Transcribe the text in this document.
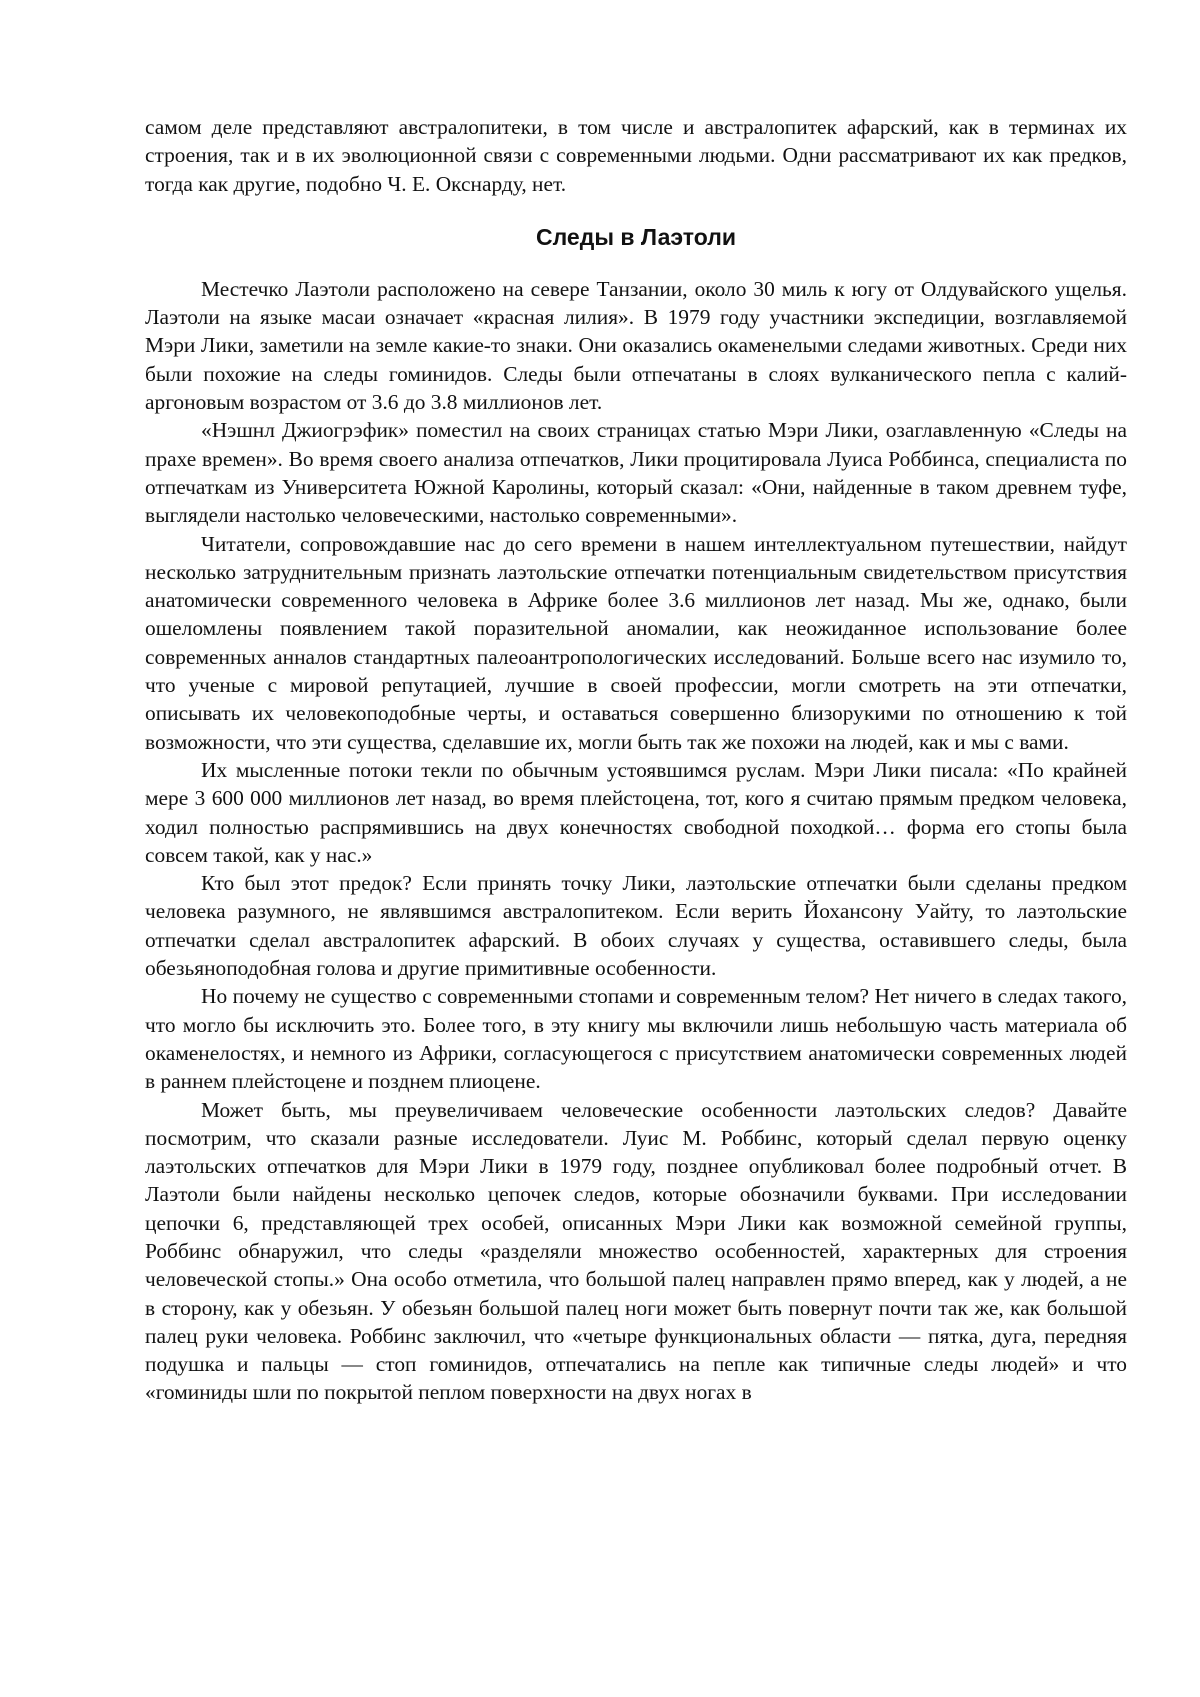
самом деле представляют австралопитеки, в том числе и австралопитек афарский, как в терминах их строения, так и в их эволюционной связи с современными людьми. Одни рассматривают их как предков, тогда как другие, подобно Ч. Е. Окснарду, нет.

Следы в Лаэтоли

Местечко Лаэтоли расположено на севере Танзании, около 30 миль к югу от Олдувайского ущелья. Лаэтоли на языке масаи означает «красная лилия». В 1979 году участники экспедиции, возглавляемой Мэри Лики, заметили на земле какие-то знаки. Они оказались окаменелыми следами животных. Среди них были похожие на следы гоминидов. Следы были отпечатаны в слоях вулканического пепла с калий-аргоновым возрастом от 3.6 до 3.8 миллионов лет.

«Нэшнл Джиогрэфик» поместил на своих страницах статью Мэри Лики, озаглавленную «Следы на прахе времен». Во время своего анализа отпечатков, Лики процитировала Луиса Роббинса, специалиста по отпечаткам из Университета Южной Каролины, который сказал: «Они, найденные в таком древнем туфе, выглядели настолько человеческими, настолько современными».

Читатели, сопровождавшие нас до сего времени в нашем интеллектуальном путешествии, найдут несколько затруднительным признать лаэтольские отпечатки потенциальным свидетельством присутствия анатомически современного человека в Африке более 3.6 миллионов лет назад. Мы же, однако, были ошеломлены появлением такой поразительной аномалии, как неожиданное использование более современных анналов стандартных палеоантропологических исследований. Больше всего нас изумило то, что ученые с мировой репутацией, лучшие в своей профессии, могли смотреть на эти отпечатки, описывать их человекоподобные черты, и оставаться совершенно близорукими по отношению к той возможности, что эти существа, сделавшие их, могли быть так же похожи на людей, как и мы с вами.

Их мысленные потоки текли по обычным устоявшимся руслам. Мэри Лики писала: «По крайней мере 3 600 000 миллионов лет назад, во время плейстоцена, тот, кого я считаю прямым предком человека, ходил полностью распрямившись на двух конечностях свободной походкой… форма его стопы была совсем такой, как у нас.»

Кто был этот предок? Если принять точку Лики, лаэтольские отпечатки были сделаны предком человека разумного, не являвшимся австралопитеком. Если верить Йохансону Уайту, то лаэтольские отпечатки сделал австралопитек афарский. В обоих случаях у существа, оставившего следы, была обезьяноподобная голова и другие примитивные особенности.

Но почему не существо с современными стопами и современным телом? Нет ничего в следах такого, что могло бы исключить это. Более того, в эту книгу мы включили лишь небольшую часть материала об окаменелостях, и немного из Африки, согласующегося с присутствием анатомически современных людей в раннем плейстоцене и позднем плиоцене.

Может быть, мы преувеличиваем человеческие особенности лаэтольских следов? Давайте посмотрим, что сказали разные исследователи. Луис М. Роббинс, который сделал первую оценку лаэтольских отпечатков для Мэри Лики в 1979 году, позднее опубликовал более подробный отчет. В Лаэтоли были найдены несколько цепочек следов, которые обозначили буквами. При исследовании цепочки 6, представляющей трех особей, описанных Мэри Лики как возможной семейной группы, Роббинс обнаружил, что следы «разделяли множество особенностей, характерных для строения человеческой стопы.» Она особо отметила, что большой палец направлен прямо вперед, как у людей, а не в сторону, как у обезьян. У обезьян большой палец ноги может быть повернут почти так же, как большой палец руки человека. Роббинс заключил, что «четыре функциональных области — пятка, дуга, передняя подушка и пальцы — стоп гоминидов, отпечатались на пепле как типичные следы людей» и что «гоминиды шли по покрытой пеплом поверхности на двух ногах в
